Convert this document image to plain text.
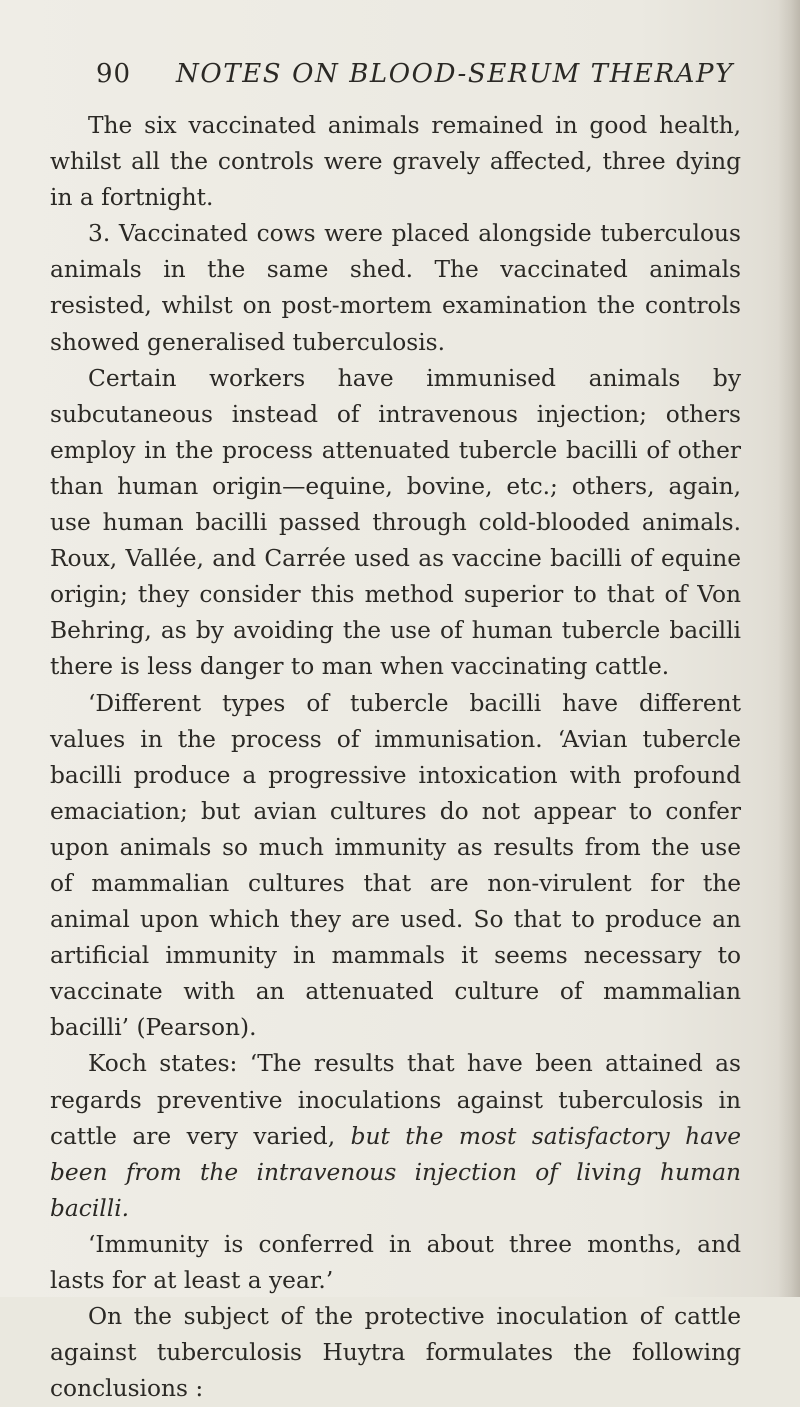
90	NOTES ON BLOOD-SERUM THERAPY

The six vaccinated animals remained in good health, whilst all the controls were gravely affected, three dying in a fortnight.

3. Vaccinated cows were placed alongside tuberculous animals in the same shed. The vaccinated animals resisted, whilst on post-mortem examination the controls showed generalised tuberculosis.

Certain workers have immunised animals by subcutaneous instead of intravenous injection; others employ in the process attenuated tubercle bacilli of other than human origin—equine, bovine, etc.; others, again, use human bacilli passed through cold-blooded animals. Roux, Vallée, and Carrée used as vaccine bacilli of equine origin; they consider this method superior to that of Von Behring, as by avoiding the use of human tubercle bacilli there is less danger to man when vaccinating cattle.

‘Different types of tubercle bacilli have different values in the process of immunisation. ‘Avian tubercle bacilli produce a progressive intoxication with profound emaciation; but avian cultures do not appear to confer upon animals so much immunity as results from the use of mammalian cultures that are non-virulent for the animal upon which they are used. So that to produce an artificial immunity in mammals it seems necessary to vaccinate with an attenuated culture of mammalian bacilli’ (Pearson).

Koch states: ‘The results that have been attained as regards preventive inoculations against tuberculosis in cattle are very varied, but the most satisfactory have been from the intravenous injection of living human bacilli.

‘Immunity is conferred in about three months, and lasts for at least a year.’

On the subject of the protective inoculation of cattle against tuberculosis Huytra formulates the following conclusions :
